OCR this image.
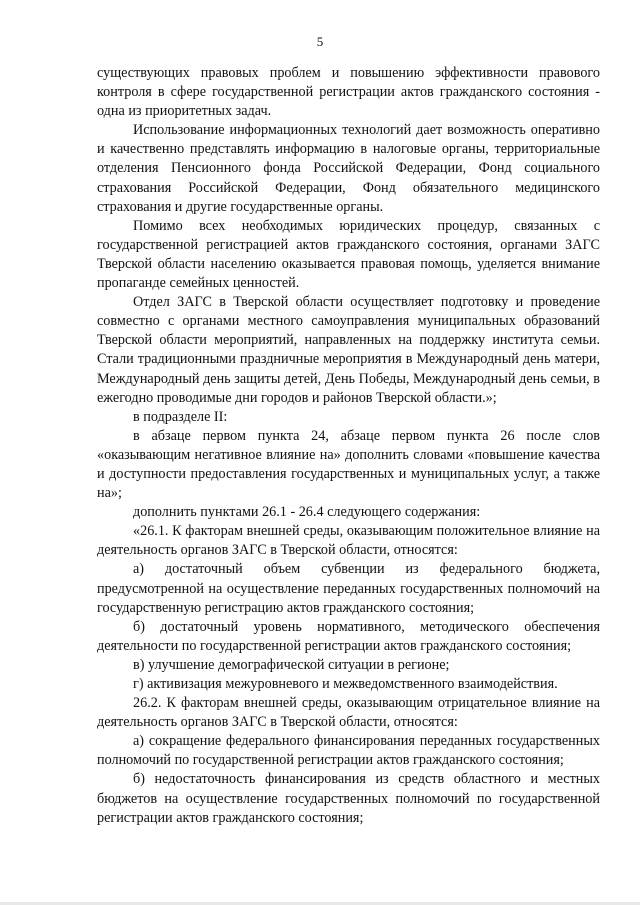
5

существующих правовых проблем и повышению эффективности правового контроля в сфере государственной регистрации актов гражданского состояния - одна из приоритетных задач.

Использование информационных технологий дает возможность оперативно и качественно представлять информацию в налоговые органы, территориальные отделения Пенсионного фонда Российской Федерации, Фонд социального страхования Российской Федерации, Фонд обязательного медицинского страхования и другие государственные органы.

Помимо всех необходимых юридических процедур, связанных с государственной регистрацией актов гражданского состояния, органами ЗАГС Тверской области населению оказывается правовая помощь, уделяется внимание пропаганде семейных ценностей.

Отдел ЗАГС в Тверской области осуществляет подготовку и проведение совместно с органами местного самоуправления муниципальных образований Тверской области мероприятий, направленных на поддержку института семьи. Стали традиционными праздничные мероприятия в Международный день матери, Международный день защиты детей, День Победы, Международный день семьи, в ежегодно проводимые дни городов и районов Тверской области.»;

в подразделе II:

в абзаце первом пункта 24, абзаце первом пункта 26 после слов «оказывающим негативное влияние на» дополнить словами «повышение качества и доступности предоставления государственных и муниципальных услуг, а также на»;

дополнить пунктами 26.1 - 26.4 следующего содержания:

«26.1. К факторам внешней среды, оказывающим положительное влияние на деятельность органов ЗАГС в Тверской области, относятся:

а) достаточный объем субвенции из федерального бюджета, предусмотренной на осуществление переданных государственных полномочий на государственную регистрацию актов гражданского состояния;

б) достаточный уровень нормативного, методического обеспечения деятельности по государственной регистрации актов гражданского состояния;

в) улучшение демографической ситуации в регионе;

г) активизация межуровневого и межведомственного взаимодействия.

26.2. К факторам внешней среды, оказывающим отрицательное влияние на деятельность органов ЗАГС в Тверской области, относятся:

а) сокращение федерального финансирования переданных государственных полномочий по государственной регистрации актов гражданского состояния;

б) недостаточность финансирования из средств областного и местных бюджетов на осуществление государственных полномочий по государственной регистрации актов гражданского состояния;
